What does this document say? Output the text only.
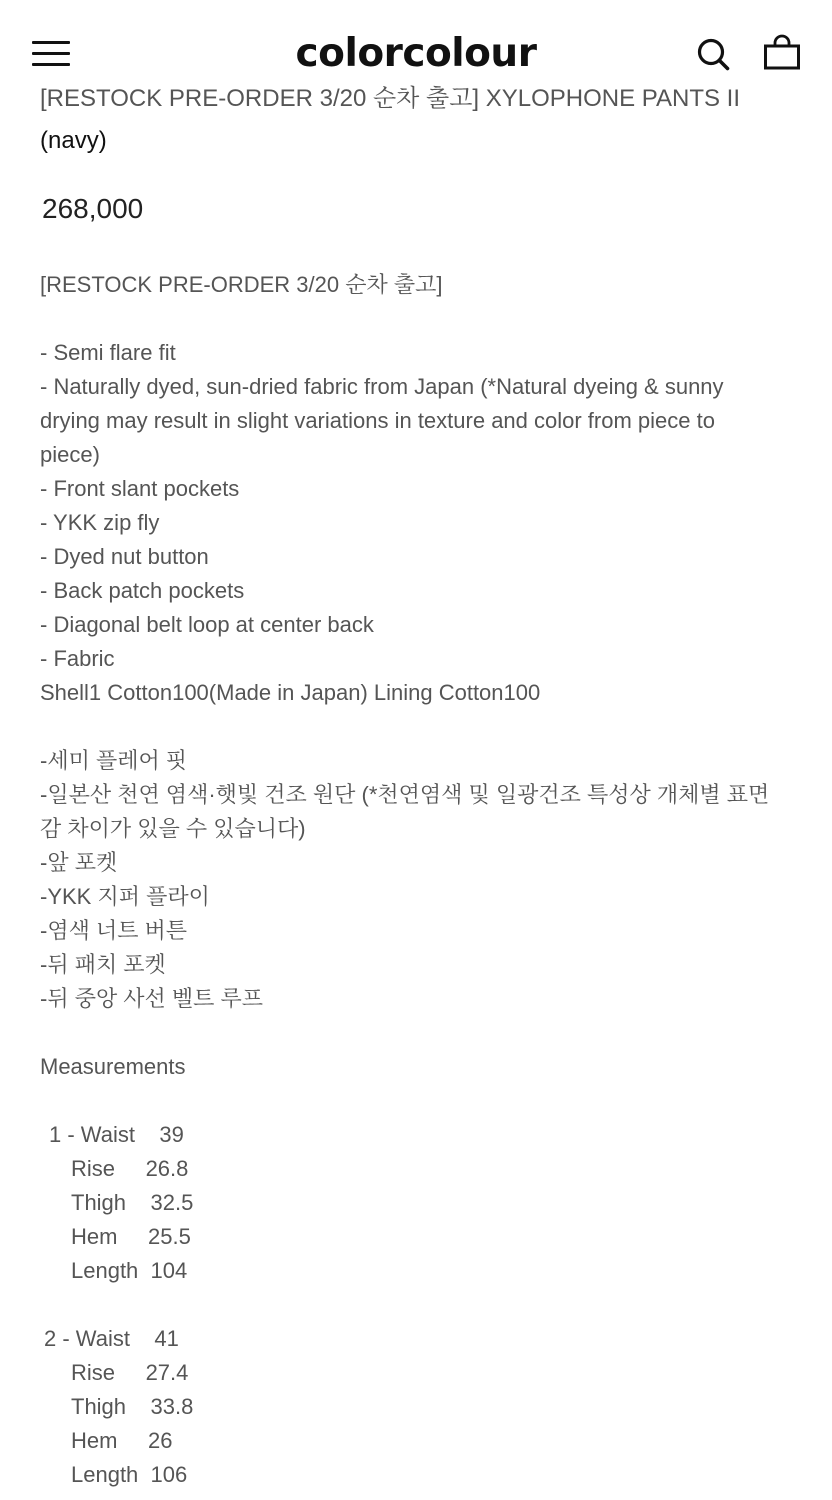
colorcolour
[RESTOCK PRE-ORDER 3/20 순차 출고] XYLOPHONE PANTS II
(navy)
268,000
[RESTOCK PRE-ORDER 3/20 순차 출고]
- Semi flare fit
- Naturally dyed, sun-dried fabric from Japan (*Natural dyeing & sunny
drying may result in slight variations in texture and color from piece to
piece)
- Front slant pockets
- YKK zip fly
- Dyed nut button
- Back patch pockets
- Diagonal belt loop at center back
- Fabric
Shell1 Cotton100(Made in Japan) Lining Cotton100
-세미 플레어 핏
-일본산 천연 염색·햇빛 건조 원단 (*천연염색 및 일광건조 특성상 개체별 표면
감 차이가 있을 수 있습니다)
-앞 포켓
-YKK 지퍼 플라이
-염색 너트 버튼
-뒤 패치 포켓
-뒤 중앙 사선 벨트 루프
Measurements
1 - Waist    39
Rise     26.8
Thigh    32.5
Hem     25.5
Length  104
2 - Waist    41
Rise     27.4
Thigh    33.8
Hem     26
Length  106
